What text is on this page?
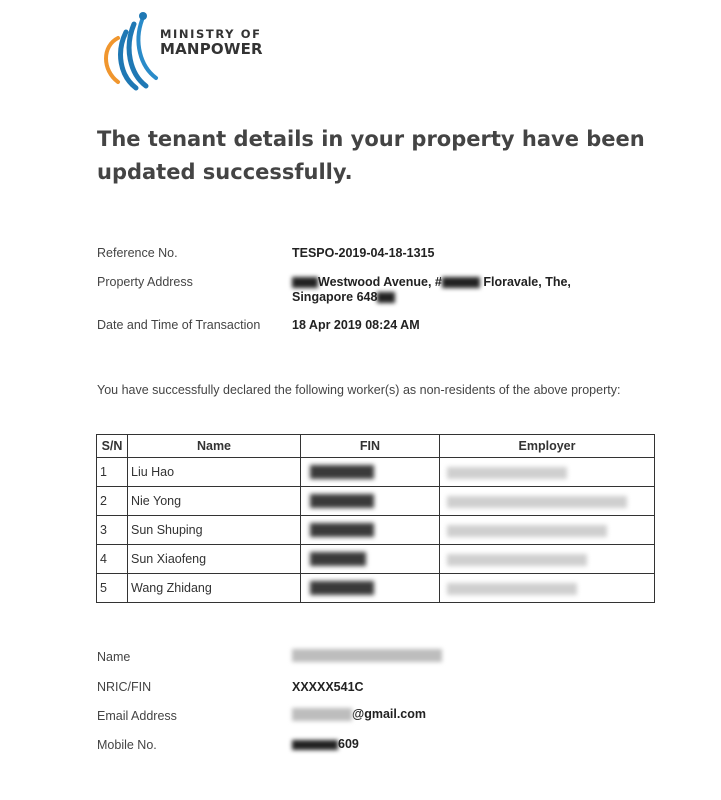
MINISTRY OF
MANPOWER
The tenant details in your property have been updated successfully.
Reference No.	TESPO-2019-04-18-1315
Property Address	Westwood Avenue, #	Floravale, The,
Singapore 648
Date and Time of Transaction	18 Apr 2019 08:24 AM
You have successfully declared the following worker(s) as non-residents of the above property:
S/N	Name	FIN	Employer
1	Liu Hao		
2	Nie Yong		
3	Sun Shuping		
4	Sun Xiaofeng		
5	Wang Zhidang		
Name
NRIC/FIN	XXXXX541C
Email Address	@gmail.com
Mobile No.	609
